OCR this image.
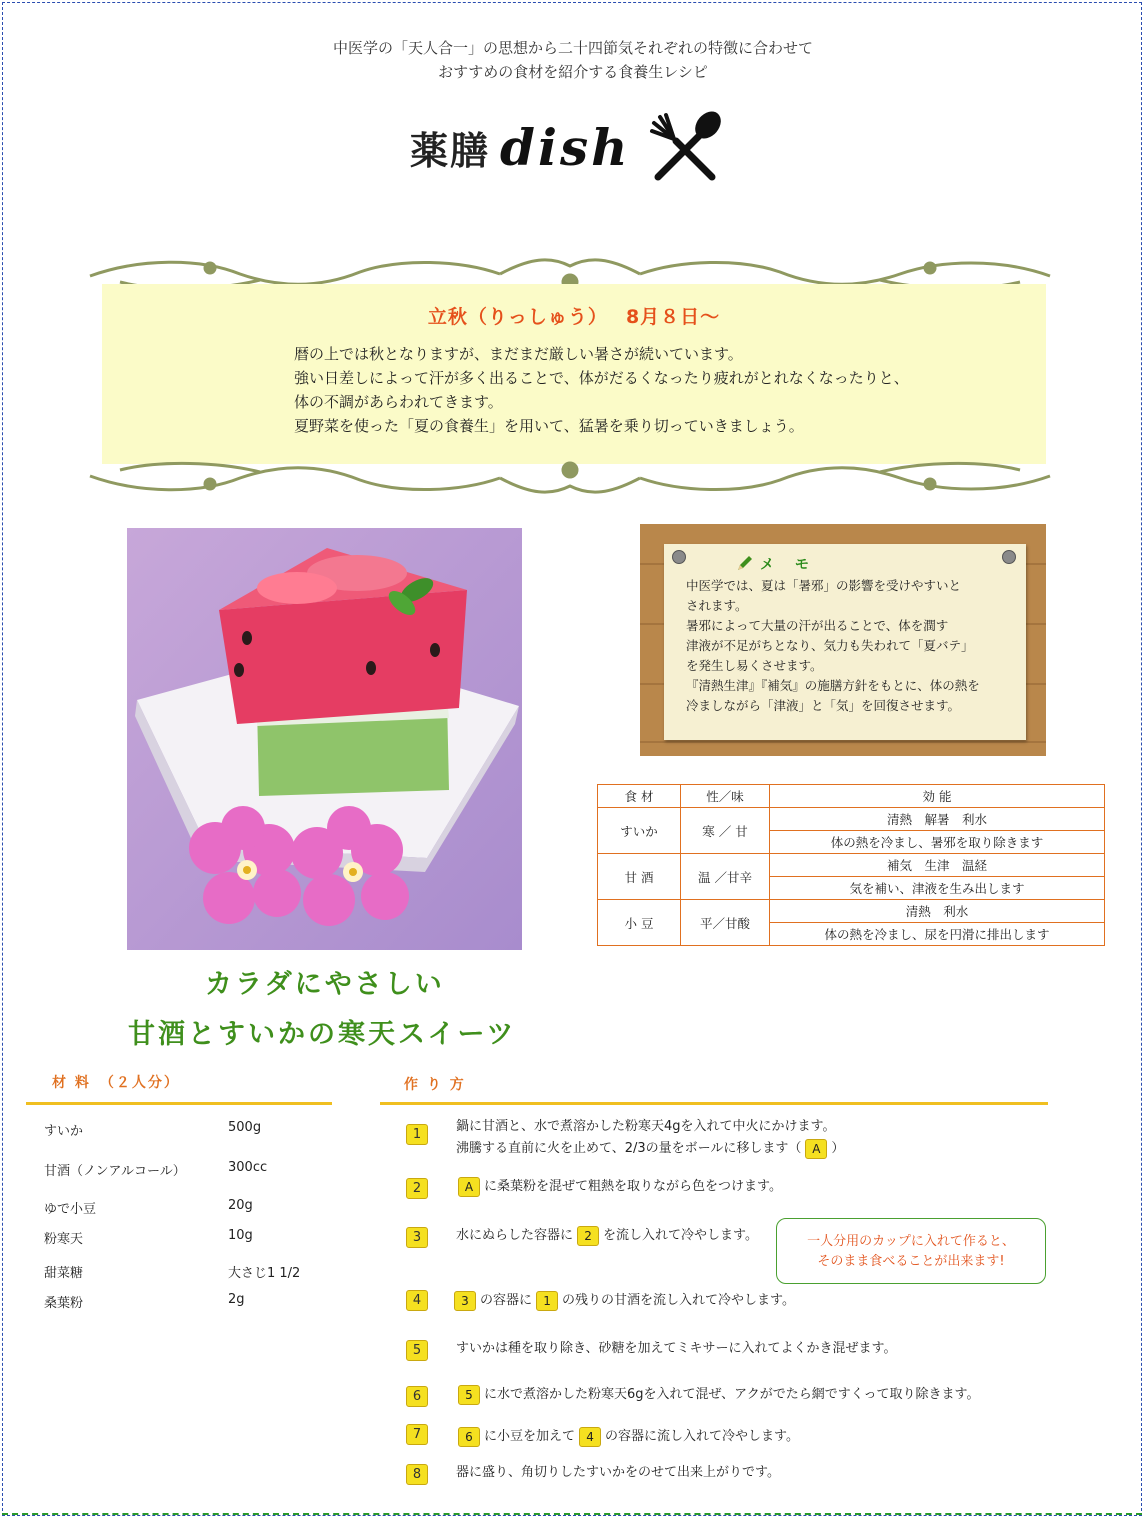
中医学の「天人合一」の思想から二十四節気それぞれの特徴に合わせて
おすすめの食材を紹介する食養生レシピ
薬膳 dish
立秋（りっしゅう）　 8月８日～
暦の上では秋となりますが、まだまだ厳しい暑さが続いています。
強い日差しによって汗が多く出ることで、体がだるくなったり疲れがとれなくなったりと、
体の不調があらわれてきます。
夏野菜を使った「夏の食養生」を用いて、猛暑を乗り切っていきましょう。
カラダにやさしい
甘酒とすいかの寒天スイーツ
メ モ
中医学では、夏は「暑邪」の影響を受けやすいと
されます。
暑邪によって大量の汗が出ることで、体を潤す
津液が不足がちとなり、気力も失われて「夏バテ」
を発生し易くさせます。
『清熱生津』『補気』の施膳方針をもとに、体の熱を
冷ましながら「津液」と「気」を回復させます。
食 材	性／味	効 能
すいか	寒 ／ 甘	清熱　解暑　利水
		体の熱を冷まし、暑邪を取り除きます
甘 酒	温 ／甘辛	補気　生津　温経
		気を補い、津液を生み出します
小 豆	平／甘酸	清熱　利水
		体の熱を冷まし、尿を円滑に排出します
材 料　（２人分）
すいか	500g
甘酒（ノンアルコール）	300cc
ゆで小豆	20g
粉寒天	10g
甜菜糖	大さじ1 1/2
桑葉粉	2g
作 り 方
1
鍋に甘酒と、水で煮溶かした粉寒天4gを入れて中火にかけます。
沸騰する直前に火を止めて、2/3の量をボールに移します（ A ）
2	A に桑葉粉を混ぜて粗熱を取りながら色をつけます。
3	水にぬらした容器に 2 を流し入れて冷やします。	一人分用のカップに入れて作ると、
そのまま食べることが出来ます!
4	3 の容器に 1 の残りの甘酒を流し入れて冷やします。
5	すいかは種を取り除き、砂糖を加えてミキサーに入れてよくかき混ぜます。
6	5 に水で煮溶かした粉寒天6gを入れて混ぜ、アクがでたら網ですくって取り除きます。
7	6 に小豆を加えて 4 の容器に流し入れて冷やします。
8	器に盛り、角切りしたすいかをのせて出来上がりです。
